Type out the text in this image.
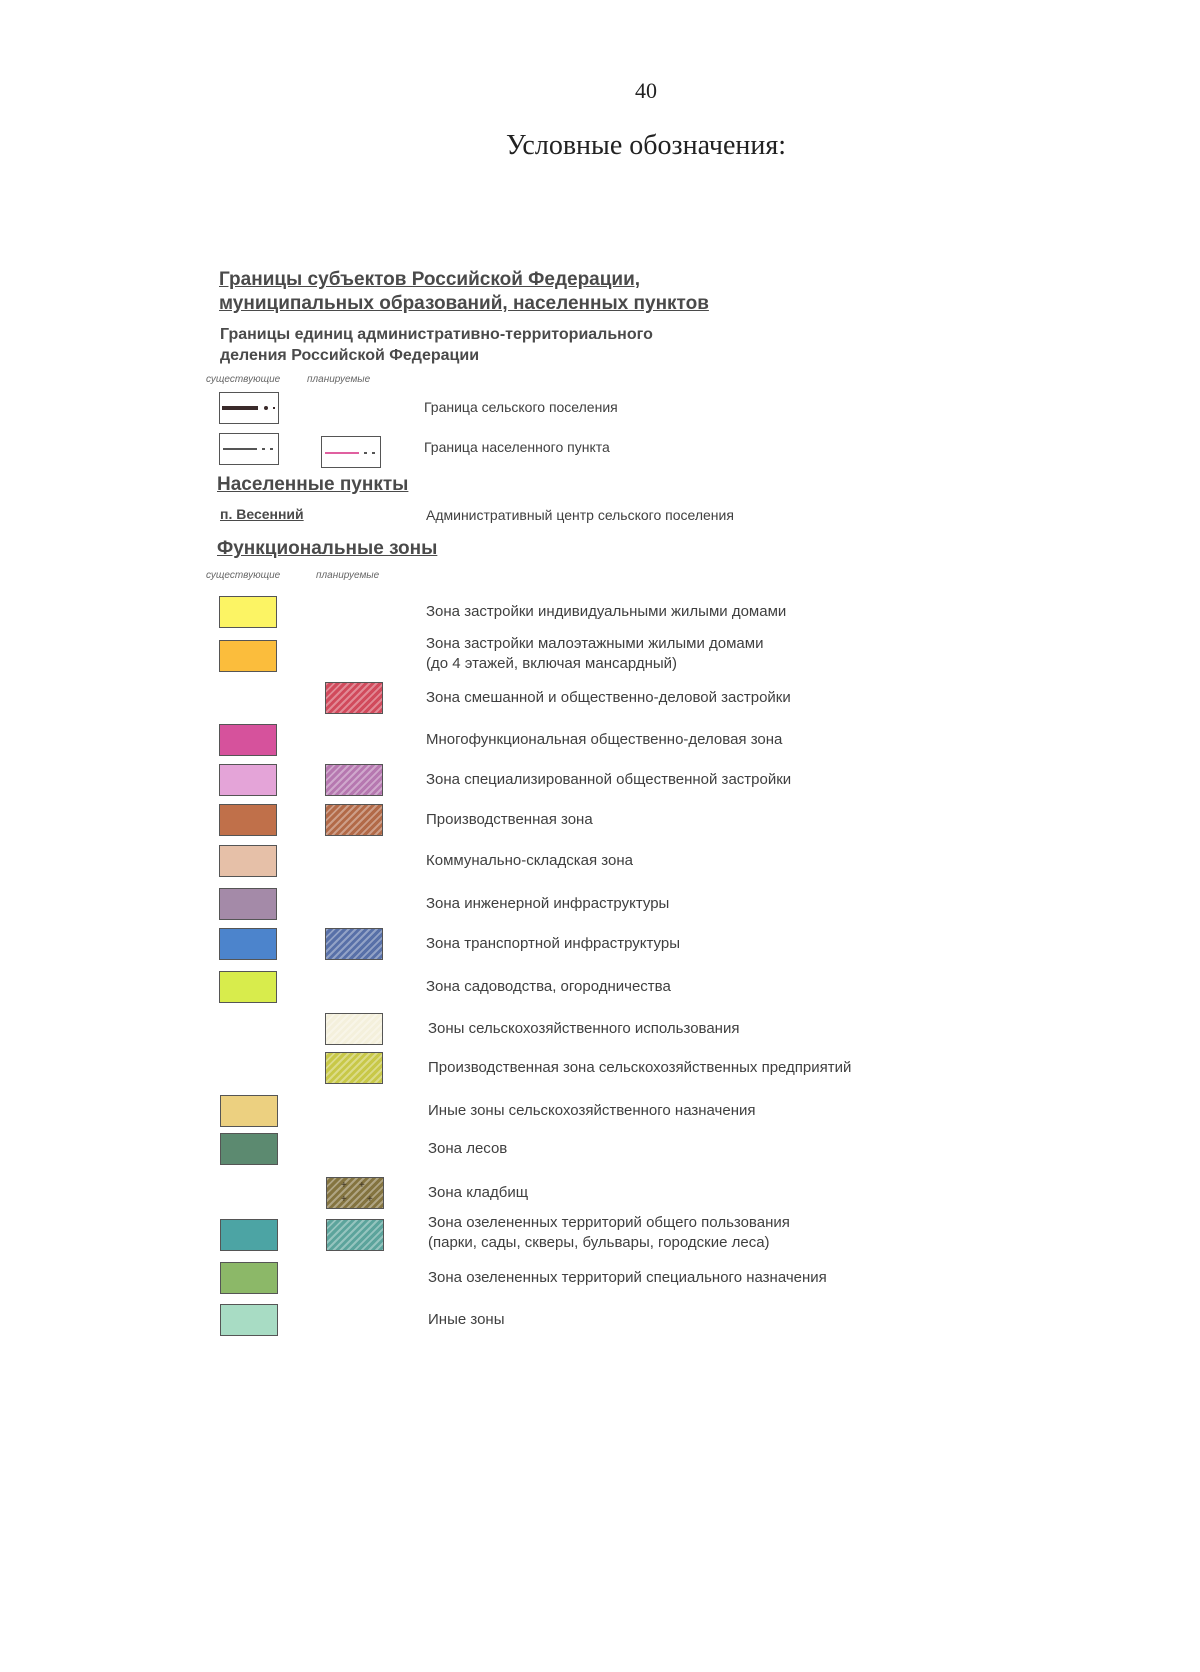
40
Условные обозначения:
Границы субъектов Российской Федерации,
муниципальных образований, населенных пунктов
Границы единиц административно-территориального
деления Российской Федерации
существующие	планируемые
Граница сельского поселения
Граница населенного пункта
Населенные пункты
п. Весенний	Административный центр сельского поселения
Функциональные зоны
существующие	планируемые
Зона застройки индивидуальными жилыми домами
Зона застройки малоэтажными жилыми домами
(до 4 этажей, включая мансардный)
Зона смешанной и общественно-деловой застройки
Многофункциональная общественно-деловая зона
Зона специализированной общественной застройки
Производственная зона
Коммунально-складская зона
Зона инженерной инфраструктуры
Зона транспортной инфраструктуры
Зона садоводства, огородничества
Зоны сельскохозяйственного использования
Производственная зона сельскохозяйственных предприятий
Иные зоны сельскохозяйственного назначения
Зона лесов
+ +
+ +	Зона кладбищ
Зона озелененных территорий общего пользования
(парки, сады, скверы, бульвары, городские леса)
Зона озелененных территорий специального назначения
Иные зоны
